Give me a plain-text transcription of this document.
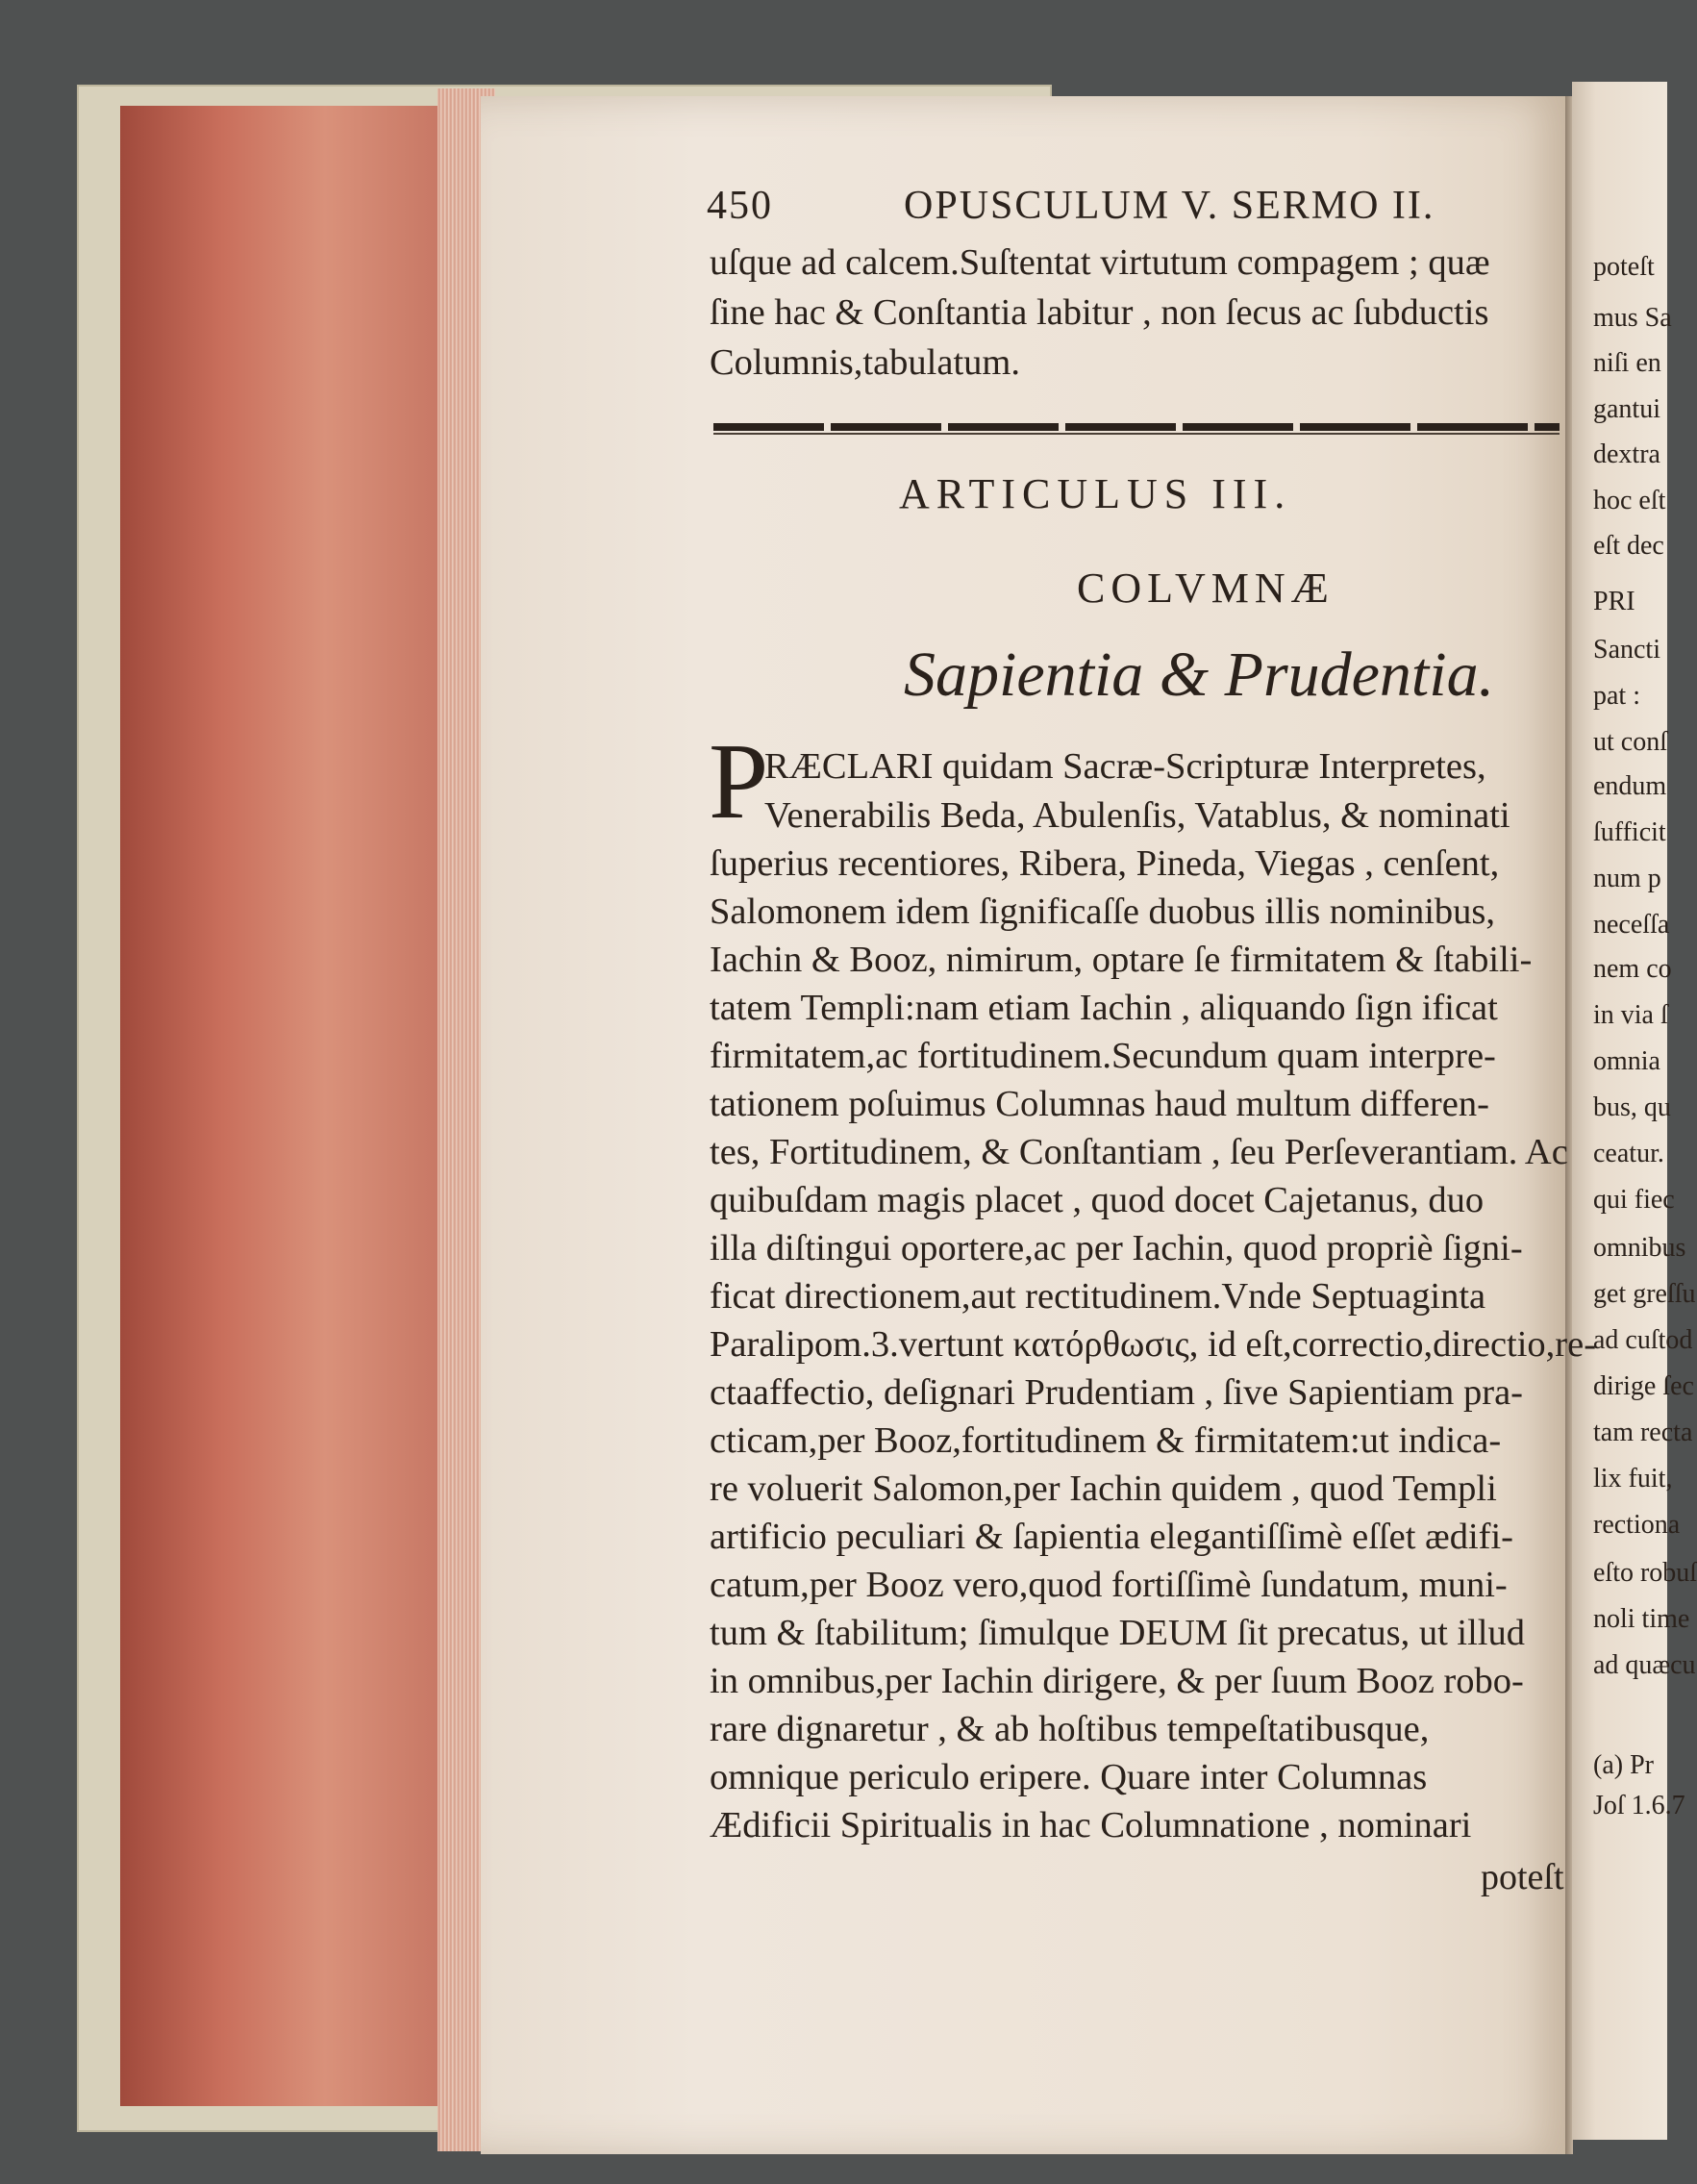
450	OPUSCULUM V. SERMO II.
uſque ad calcem.Suſtentat virtutum compagem ; quæ
ſine hac & Conſtantia labitur , non ſecus ac ſubductis
Columnis,tabulatum.
ARTICULUS III.
COLVMNÆ
Sapientia & Prudentia.
P
RÆCLARI quidam Sacræ-Scripturæ Interpretes,
Venerabilis Beda, Abulenſis, Vatablus, & nominati
ſuperius recentiores, Ribera, Pineda, Viegas , cenſent,
Salomonem idem ſignificaſſe duobus illis nominibus,
Iachin & Booz, nimirum, optare ſe firmitatem & ſtabili-
tatem Templi:nam etiam Iachin , aliquando ſign ificat
firmitatem,ac fortitudinem.Secundum quam interpre-
tationem poſuimus Columnas haud multum differen-
tes, Fortitudinem, & Conſtantiam , ſeu Perſeverantiam. Ac
quibuſdam magis placet , quod docet Cajetanus, duo
illa diſtingui oportere,ac per Iachin, quod propriè ſigni-
ficat directionem,aut rectitudinem.Vnde Septuaginta
Paralipom.3.vertunt κατόρθωσις, id eſt,correctio,directio,re-
ctaaffectio, deſignari Prudentiam , ſive Sapientiam pra-
cticam,per Booz,fortitudinem & firmitatem:ut indica-
re voluerit Salomon,per Iachin quidem , quod Templi
artificio peculiari & ſapientia elegantiſſimè eſſet ædifi-
catum,per Booz vero,quod fortiſſimè ſundatum, muni-
tum & ſtabilitum; ſimulque DEUM ſit precatus, ut illud
in omnibus,per Iachin dirigere, & per ſuum Booz robo-
rare dignaretur , & ab hoſtibus tempeſtatibusque,
omnique periculo eripere. Quare inter Columnas
Ædificii Spiritualis in hac Columnatione , nominari
poteſt
poteſt
mus Sa
niſi en
gantui
dextra
hoc eſt
eſt dec
PRI
Sancti
pat :
ut conſ
endum
ſufficit
num p
neceſſa
nem co
in via ſ
omnia
bus, qu
ceatur.
qui fiec
omnibus
get greſſu
ad cuſtod
dirige ſec
tam recta
lix fuit,
rectiona
eſto robuſ
noli time
ad quæcu
(a) Pr
Joſ 1.6.7
